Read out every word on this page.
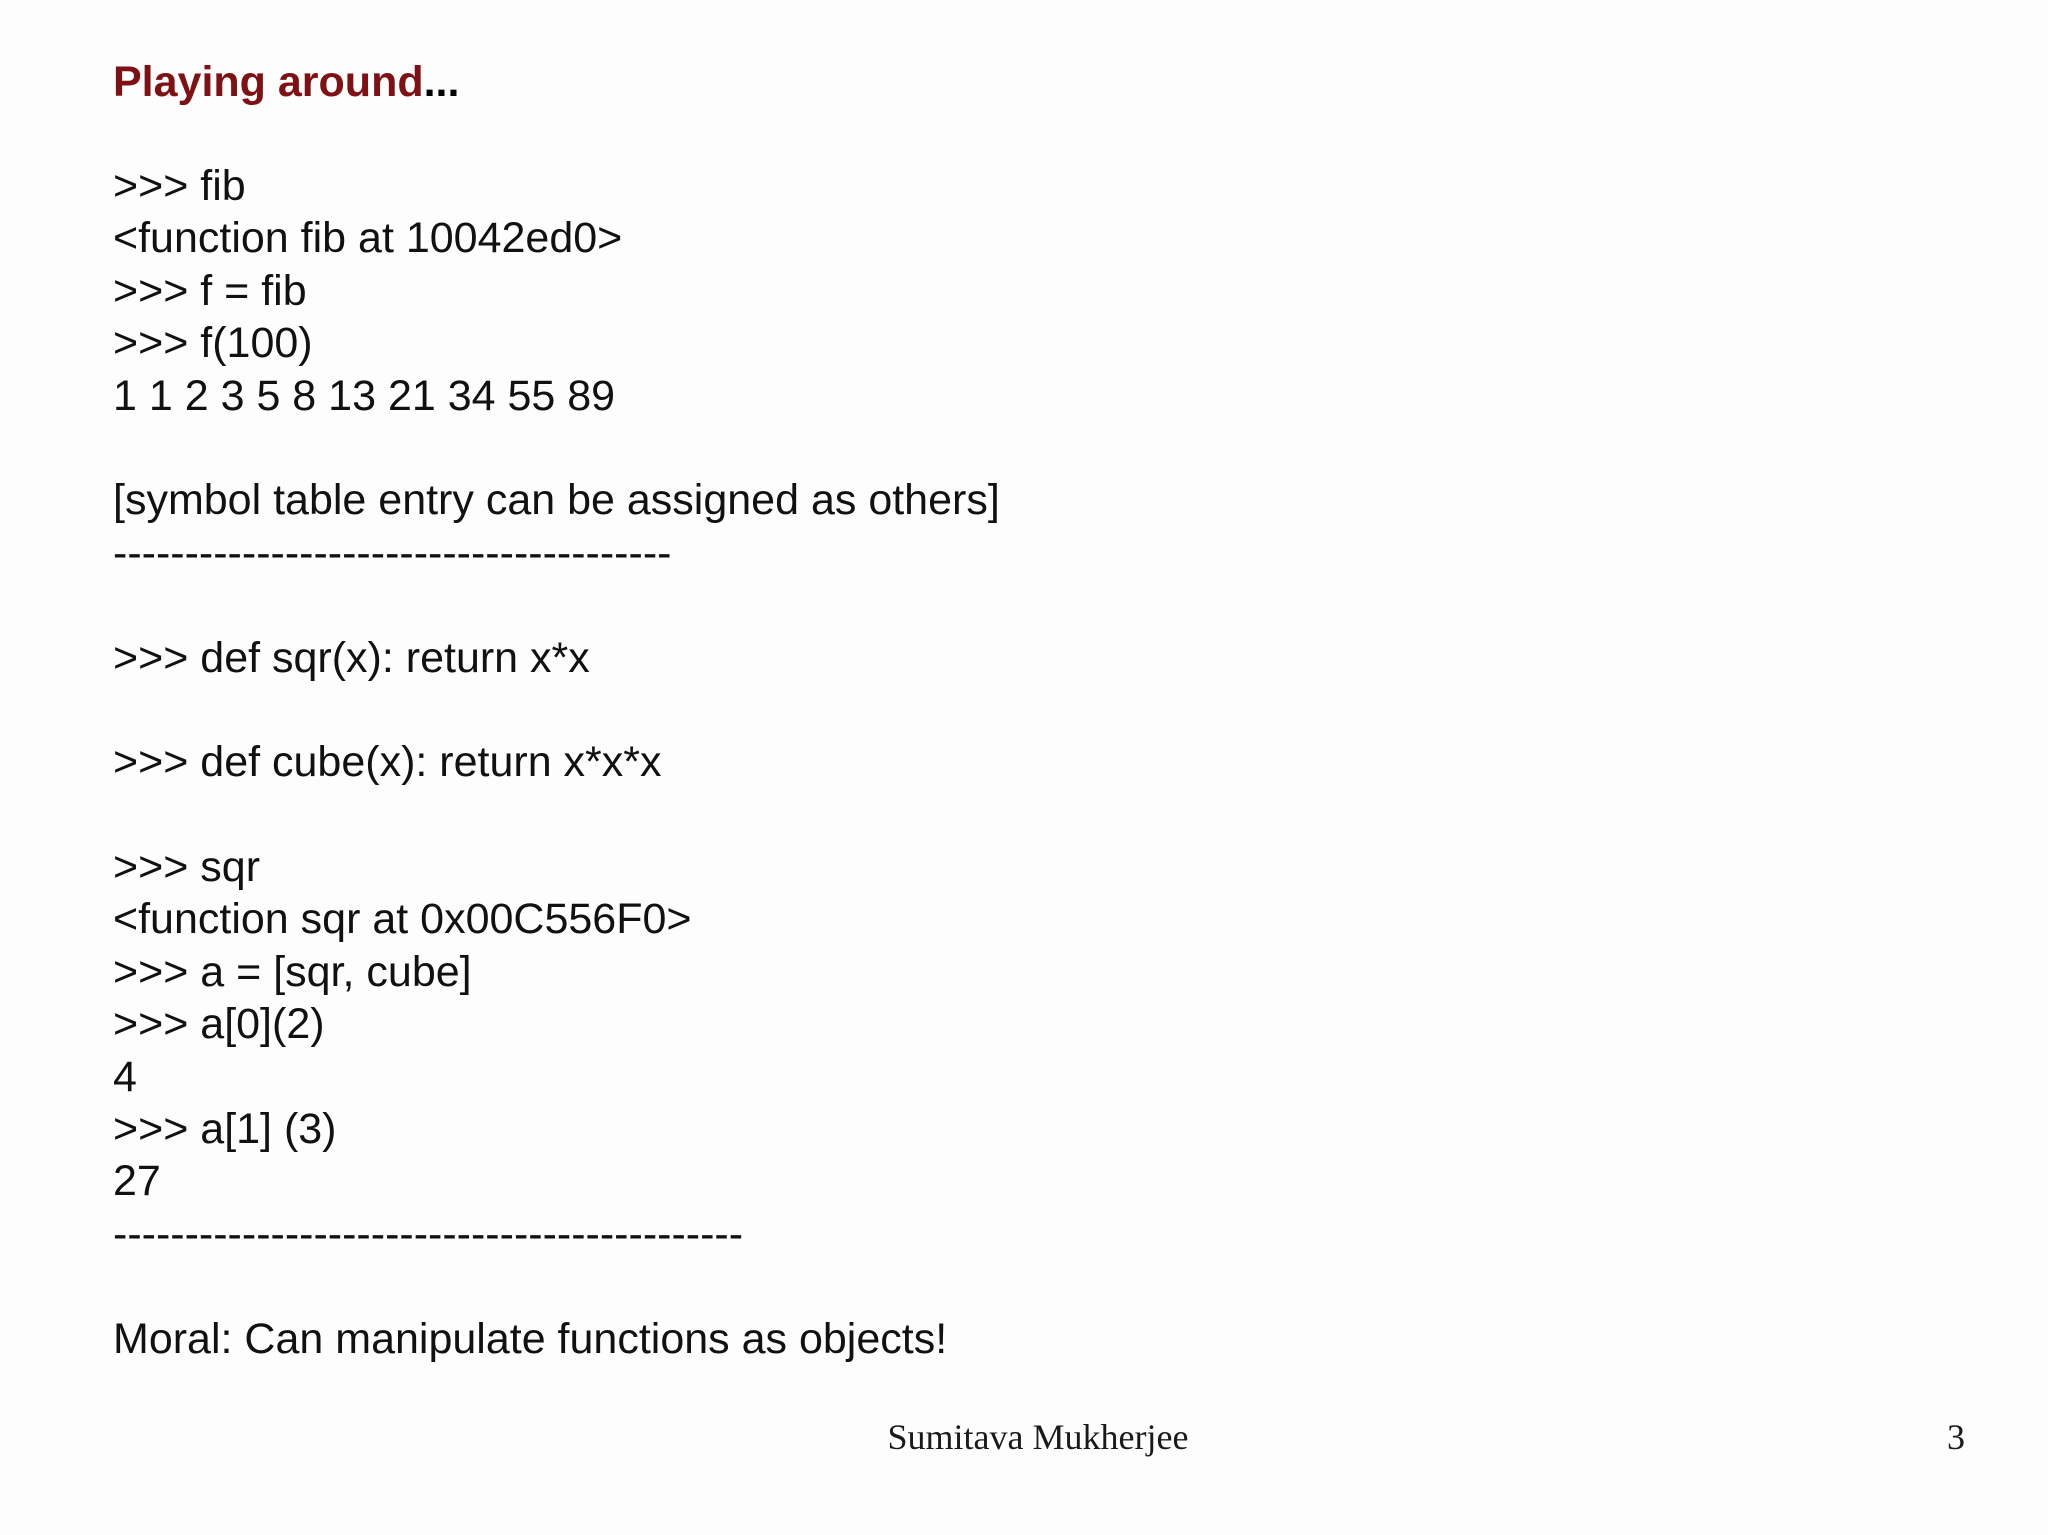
Playing around...
>>> fib
<function fib at 10042ed0>
>>> f = fib
>>> f(100)
1 1 2 3 5 8 13 21 34 55 89
[symbol table entry can be assigned as others]
---------------------------------------
>>> def sqr(x): return x*x
>>> def cube(x): return x*x*x
>>> sqr
<function sqr at 0x00C556F0>
>>> a = [sqr, cube]
>>> a[0](2)
4
>>> a[1] (3)
27
--------------------------------------------
Moral: Can manipulate functions as objects!
Sumitava Mukherjee	3
